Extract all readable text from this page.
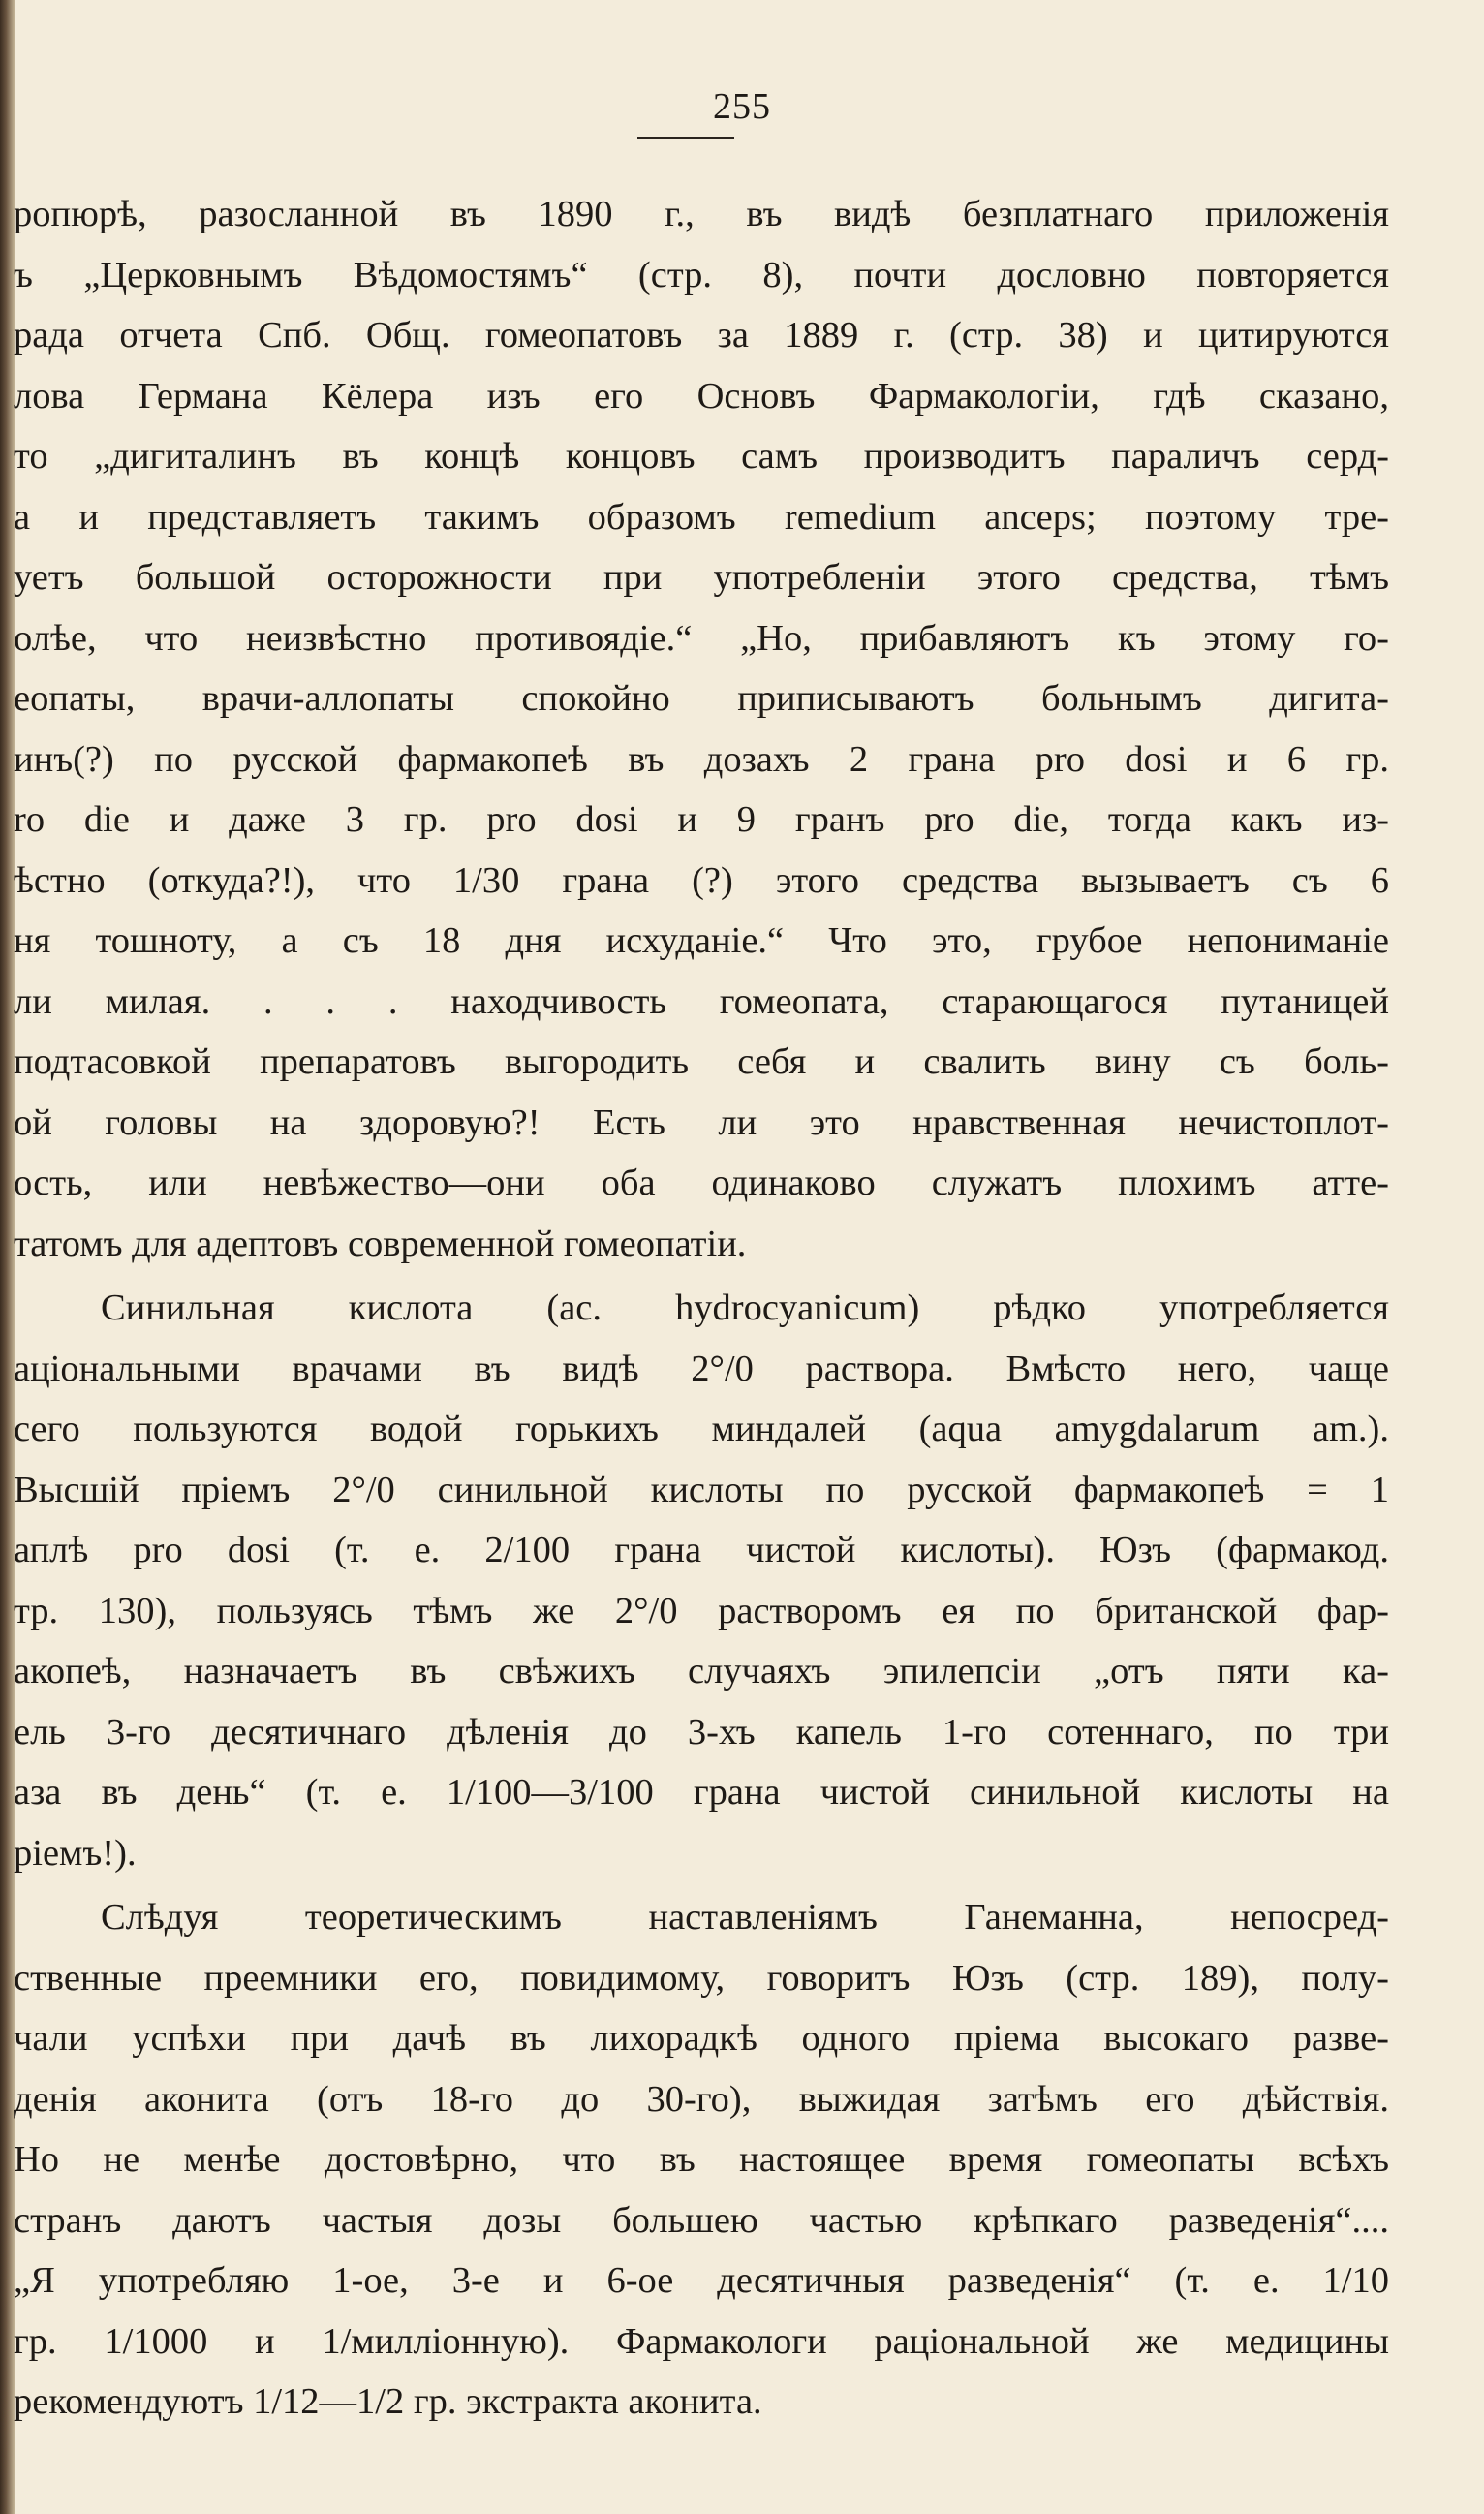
255
ропюрѣ, разосланной въ 1890 г., въ видѣ безплатнаго приложенія
ъ „Церковнымъ Вѣдомостямъ“ (стр. 8), почти дословно повторяется
рада отчета Спб. Общ. гомеопатовъ за 1889 г. (стр. 38) и цитируются
лова Германа Кёлера изъ его Основъ Фармакологіи, гдѣ сказано,
то „дигиталинъ въ концѣ концовъ самъ производитъ параличъ серд-
а и представляетъ такимъ образомъ remedium anceps; поэтому тре-
уетъ большой осторожности при употребленіи этого средства, тѣмъ
олѣе, что неизвѣстно противоядіе.“ „Но, прибавляютъ къ этому го-
еопаты, врачи-аллопаты спокойно приписываютъ больнымъ дигита-
инъ(?) по русской фармакопеѣ въ дозахъ 2 грана pro dosi и 6 гр.
ro die и даже 3 гр. pro dosi и 9 гранъ pro die, тогда какъ из-
ѣстно (откуда?!), что 1/30 грана (?) этого средства вызываетъ съ 6
ня тошноту, а съ 18 дня исхуданіе.“ Что это, грубое непониманіе
ли милая. . . . находчивость гомеопата, старающагося путаницей
подтасовкой препаратовъ выгородить себя и свалить вину съ боль-
ой головы на здоровую?! Есть ли это нравственная нечистоплот-
ость, или невѣжество—они оба одинаково служатъ плохимъ атте-
татомъ для адептовъ современной гомеопатіи.
Синильная кислота (ac. hydrocyanicum) рѣдко употребляется
аціональными врачами въ видѣ 2°/0 раствора. Вмѣсто него, чаще
сего пользуются водой горькихъ миндалей (aqua amygdalarum am.).
Высшій пріемъ 2°/0 синильной кислоты по русской фармакопеѣ = 1
аплѣ pro dosi (т. е. 2/100 грана чистой кислоты). Юзъ (фармакод.
тр. 130), пользуясь тѣмъ же 2°/0 растворомъ ея по британской фар-
акопеѣ, назначаетъ въ свѣжихъ случаяхъ эпилепсіи „отъ пяти ка-
ель 3-го десятичнаго дѣленія до 3-хъ капель 1-го сотеннаго, по три
аза въ день“ (т. е. 1/100—3/100 грана чистой синильной кислоты на
ріемъ!).
Слѣдуя теоретическимъ наставленіямъ Ганеманна, непосред-
ственные преемники его, повидимому, говоритъ Юзъ (стр. 189), полу-
чали успѣхи при дачѣ въ лихорадкѣ одного пріема высокаго разве-
денія аконита (отъ 18-го до 30-го), выжидая затѣмъ его дѣйствія.
Но не менѣе достовѣрно, что въ настоящее время гомеопаты всѣхъ
странъ даютъ частыя дозы большею частью крѣпкаго разведенія“....
„Я употребляю 1-ое, 3-е и 6-ое десятичныя разведенія“ (т. е. 1/10
гр. 1/1000 и 1/милліонную). Фармакологи раціональной же медицины
рекомендуютъ 1/12—1/2 гр. экстракта аконита.
